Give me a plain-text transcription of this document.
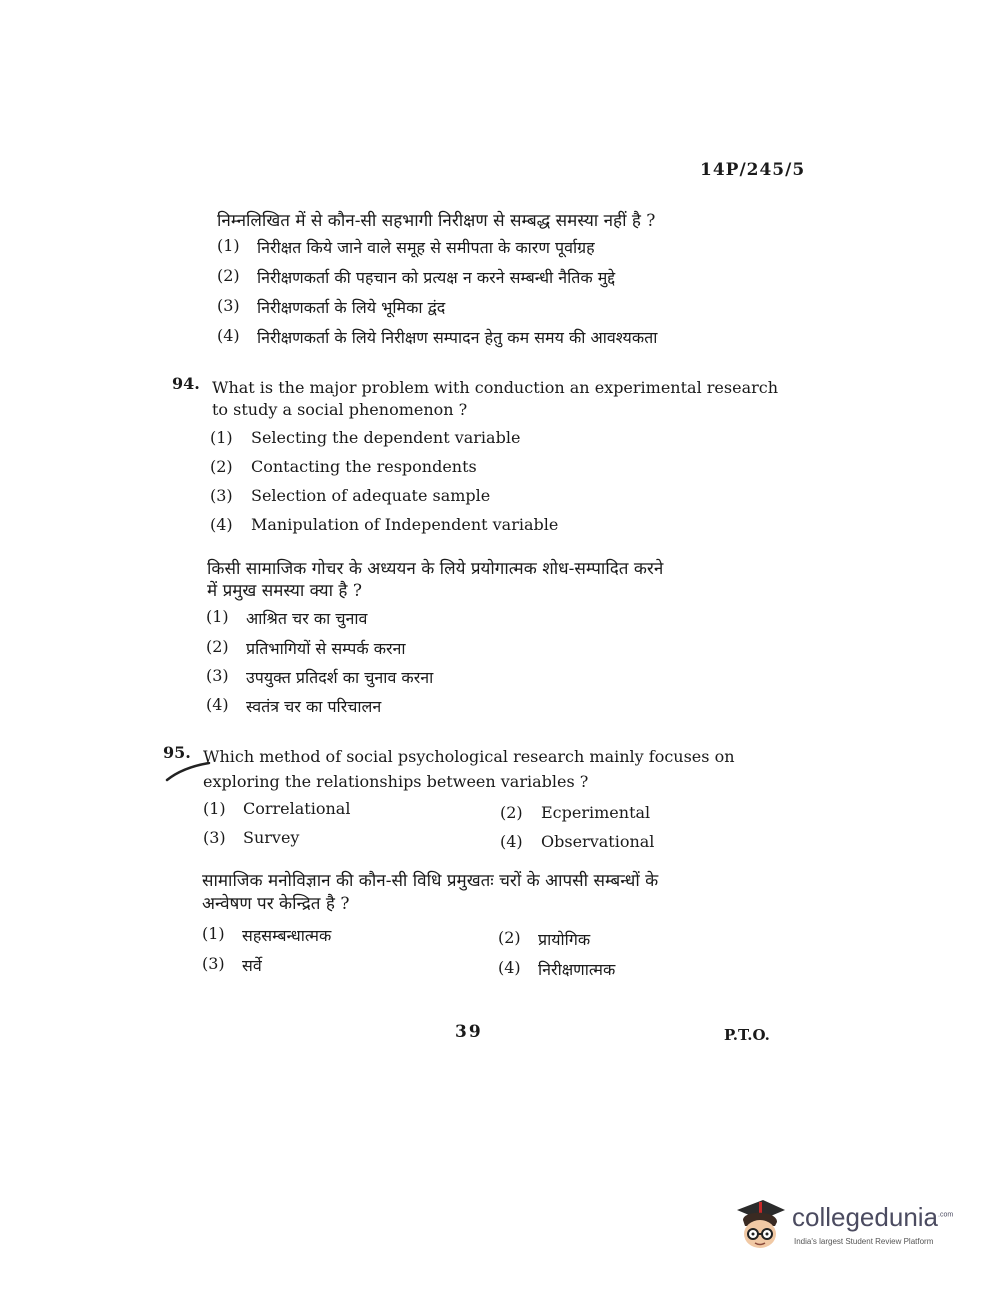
14P/245/5
निम्नलिखित में से कौन-सी सहभागी निरीक्षण से सम्बद्ध समस्या नहीं है ?
(1) निरीक्षत किये जाने वाले समूह से समीपता के कारण पूर्वाग्रह
(2) निरीक्षणकर्ता की पहचान को प्रत्यक्ष न करने सम्बन्धी नैतिक मुद्दे
(3) निरीक्षणकर्ता के लिये भूमिका द्वंद
(4) निरीक्षणकर्ता के लिये निरीक्षण सम्पादन हेतु कम समय की आवश्यकता
94. What is the major problem with conduction an experimental research
to study a social phenomenon ?
(1) Selecting the dependent variable
(2) Contacting the respondents
(3) Selection of adequate sample
(4) Manipulation of Independent variable
किसी सामाजिक गोचर के अध्ययन के लिये प्रयोगात्मक शोध-सम्पादित करने
में प्रमुख समस्या क्या है ?
(1) आश्रित चर का चुनाव
(2) प्रतिभागियों से सम्पर्क करना
(3) उपयुक्त प्रतिदर्श का चुनाव करना
(4) स्वतंत्र चर का परिचालन
95. Which method of social psychological research mainly focuses on
exploring the relationships between variables ?
(1) Correlational	(2) Ecperimental
(3) Survey	(4) Observational
सामाजिक मनोविज्ञान की कौन-सी विधि प्रमुखतः चरों के आपसी सम्बन्धों के
अन्वेषण पर केन्द्रित है ?
(1) सहसम्बन्धात्मक	(2) प्रायोगिक
(3) सर्वे	(4) निरीक्षणात्मक
39	P.T.O.
collegedunia$^{.com}$
India's largest Student Review Platform
